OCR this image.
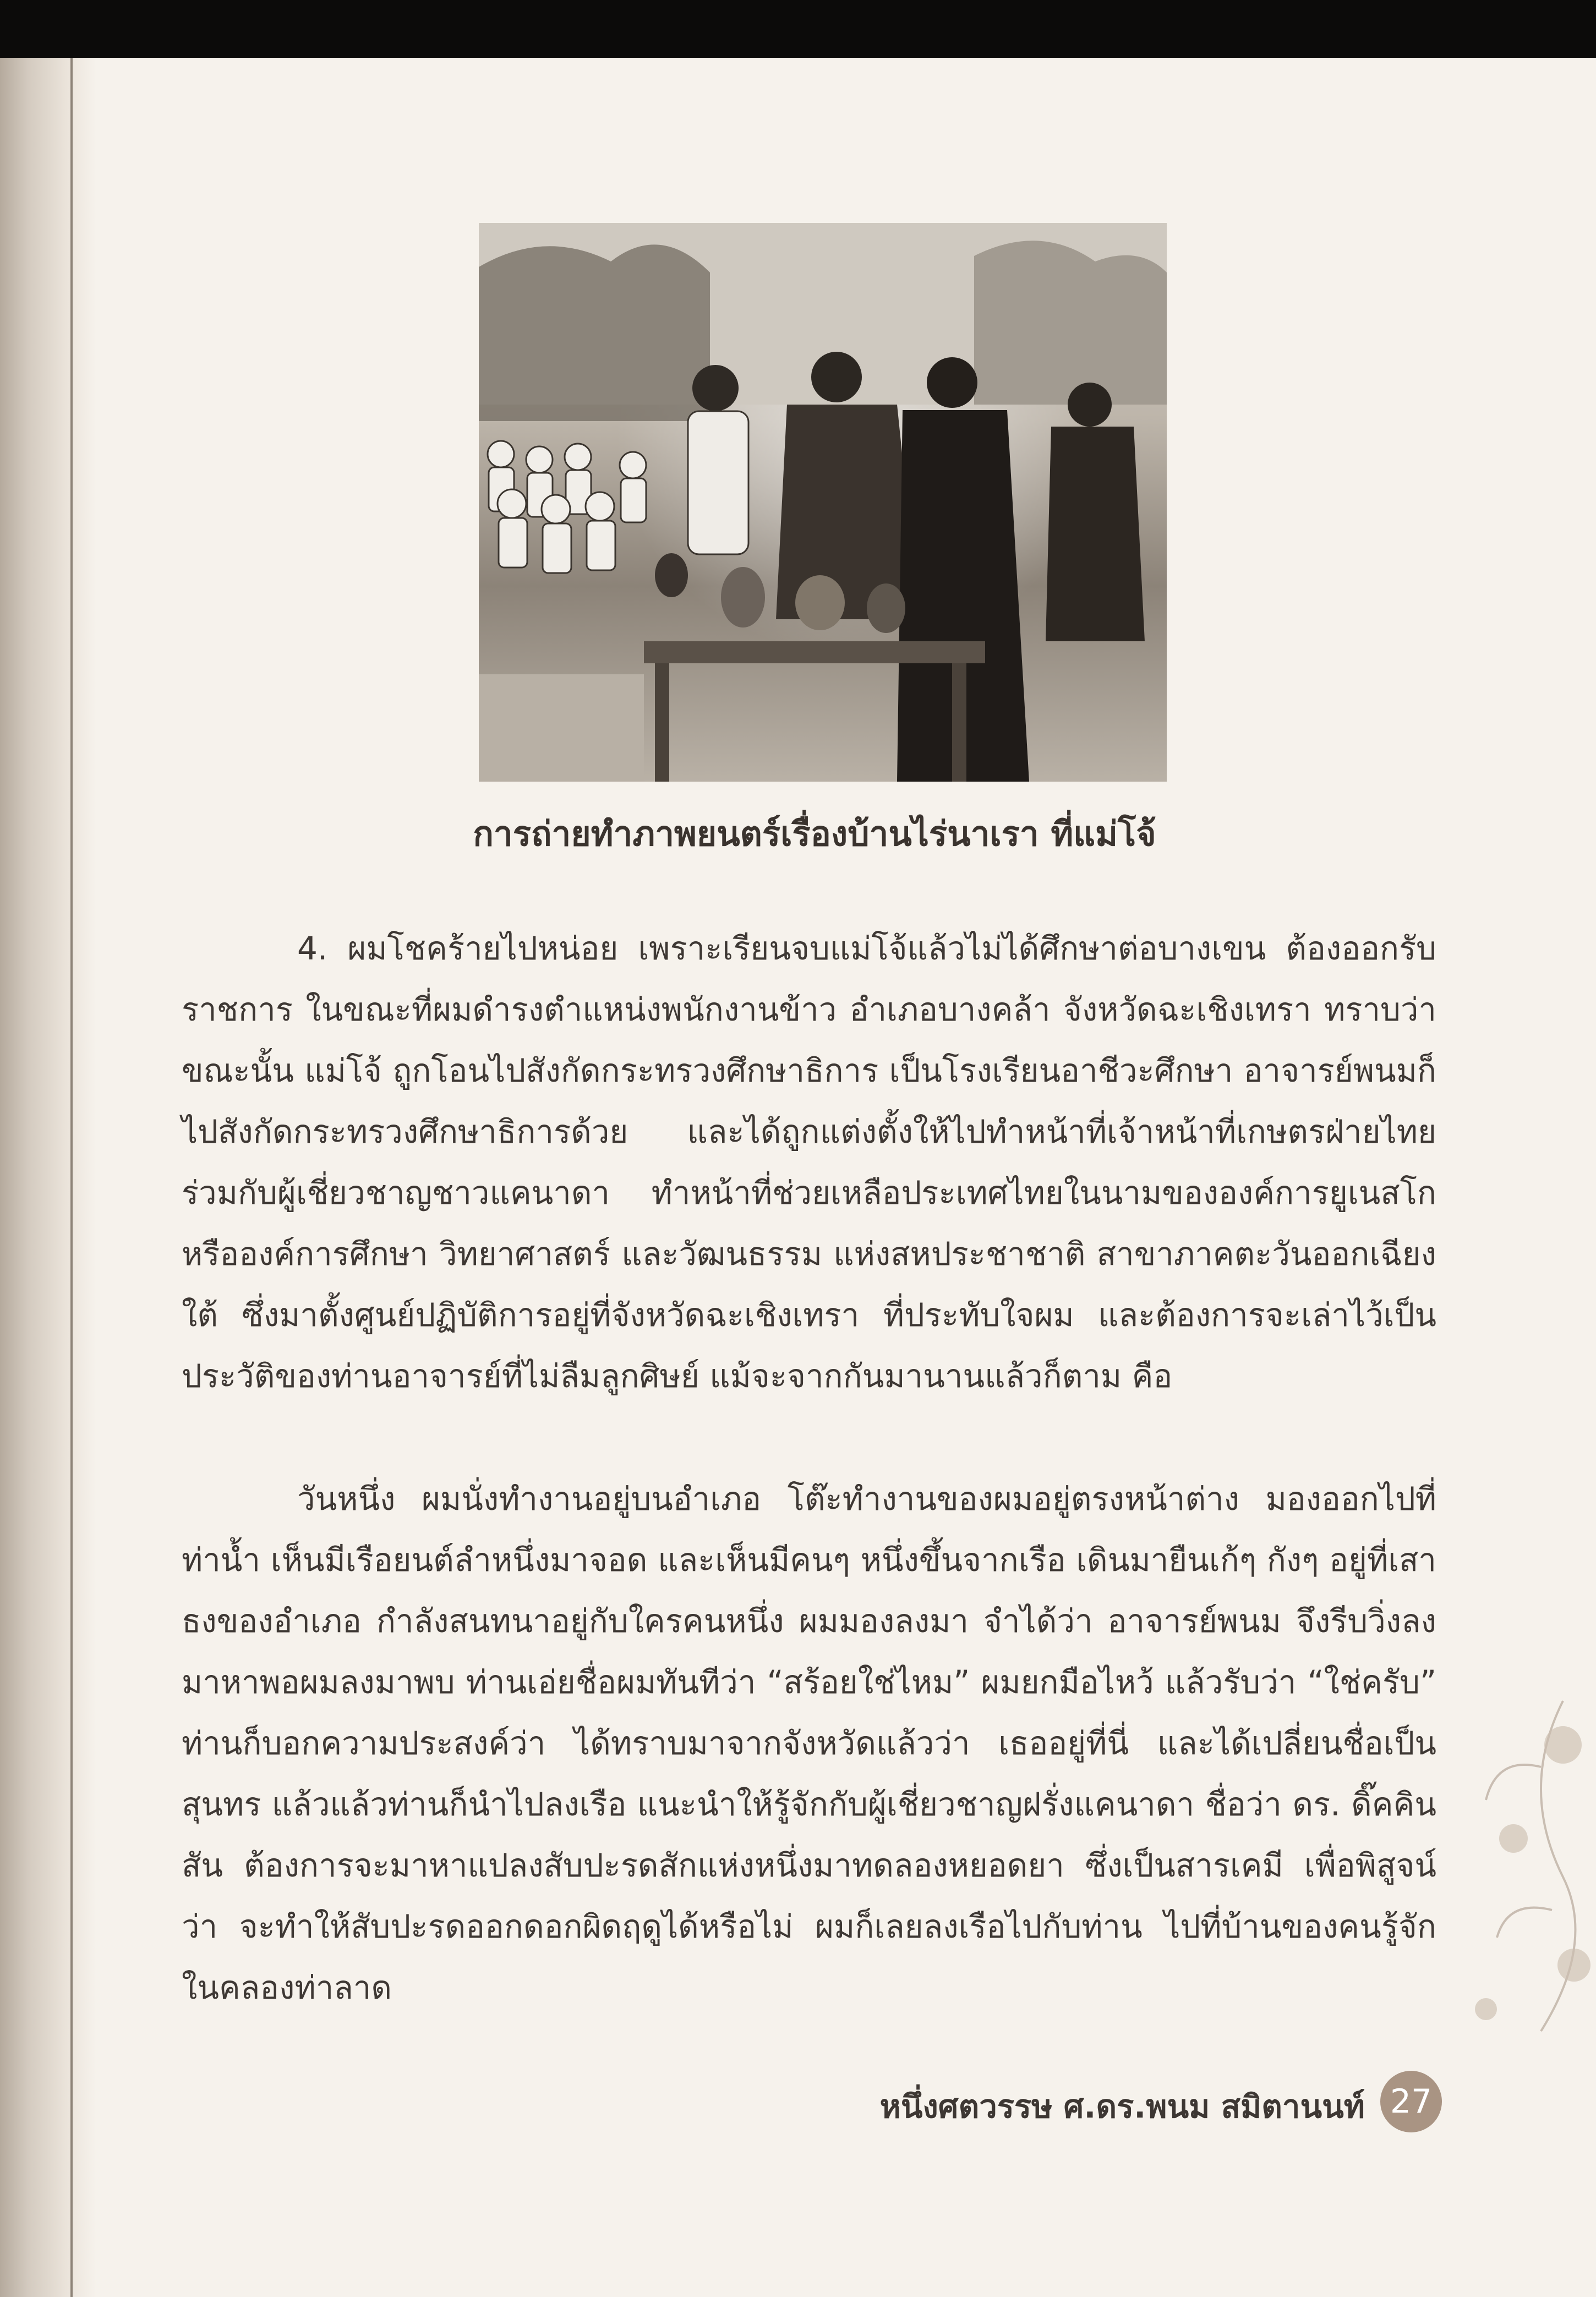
การถ่ายทำภาพยนตร์เรื่องบ้านไร่นาเรา ที่แม่โจ้
4. ผมโชคร้ายไปหน่อย เพราะเรียนจบแม่โจ้แล้วไม่ได้ศึกษาต่อบางเขน ต้องออกรับราชการ ในขณะที่ผมดำรงตำแหน่งพนักงานข้าว อำเภอบางคล้า จังหวัดฉะเชิงเทรา ทราบว่าขณะนั้น แม่โจ้ ถูกโอนไปสังกัดกระทรวงศึกษาธิการ เป็นโรงเรียนอาชีวะศึกษา อาจารย์พนมก็ไปสังกัดกระทรวงศึกษาธิการด้วย และได้ถูกแต่งตั้งให้ไปทำหน้าที่เจ้าหน้าที่เกษตรฝ่ายไทยร่วมกับผู้เชี่ยวชาญชาวแคนาดา ทำหน้าที่ช่วยเหลือประเทศไทยในนามขององค์การยูเนสโกหรือองค์การศึกษา วิทยาศาสตร์ และวัฒนธรรม แห่งสหประชาชาติ สาขาภาคตะวันออกเฉียงใต้ ซึ่งมาตั้งศูนย์ปฏิบัติการอยู่ที่จังหวัดฉะเชิงเทรา ที่ประทับใจผม และต้องการจะเล่าไว้เป็นประวัติของท่านอาจารย์ที่ไม่ลืมลูกศิษย์ แม้จะจากกันมานานแล้วก็ตาม คือ
วันหนึ่ง ผมนั่งทำงานอยู่บนอำเภอ โต๊ะทำงานของผมอยู่ตรงหน้าต่าง มองออกไปที่ท่าน้ำ เห็นมีเรือยนต์ลำหนึ่งมาจอด และเห็นมีคนๆ หนึ่งขึ้นจากเรือ เดินมายืนเก้ๆ กังๆ อยู่ที่เสาธงของอำเภอ กำลังสนทนาอยู่กับใครคนหนึ่ง ผมมองลงมา จำได้ว่า อาจารย์พนม จึงรีบวิ่งลงมาหาพอผมลงมาพบ ท่านเอ่ยชื่อผมทันทีว่า “สร้อยใช่ไหม” ผมยกมือไหว้ แล้วรับว่า “ใช่ครับ” ท่านก็บอกความประสงค์ว่า ได้ทราบมาจากจังหวัดแล้วว่า เธออยู่ที่นี่ และได้เปลี่ยนชื่อเป็น สุนทร แล้วแล้วท่านก็นำไปลงเรือ แนะนำให้รู้จักกับผู้เชี่ยวชาญฝรั่งแคนาดา ชื่อว่า ดร. ดิ๊คคินสัน ต้องการจะมาหาแปลงสับปะรดสักแห่งหนึ่งมาทดลองหยอดยา ซึ่งเป็นสารเคมี เพื่อพิสูจน์ว่า จะทำให้สับปะรดออกดอกผิดฤดูได้หรือไม่ ผมก็เลยลงเรือไปกับท่าน ไปที่บ้านของคนรู้จักในคลองท่าลาด
หนึ่งศตวรรษ ศ.ดร.พนม สมิตานนท์ 27
